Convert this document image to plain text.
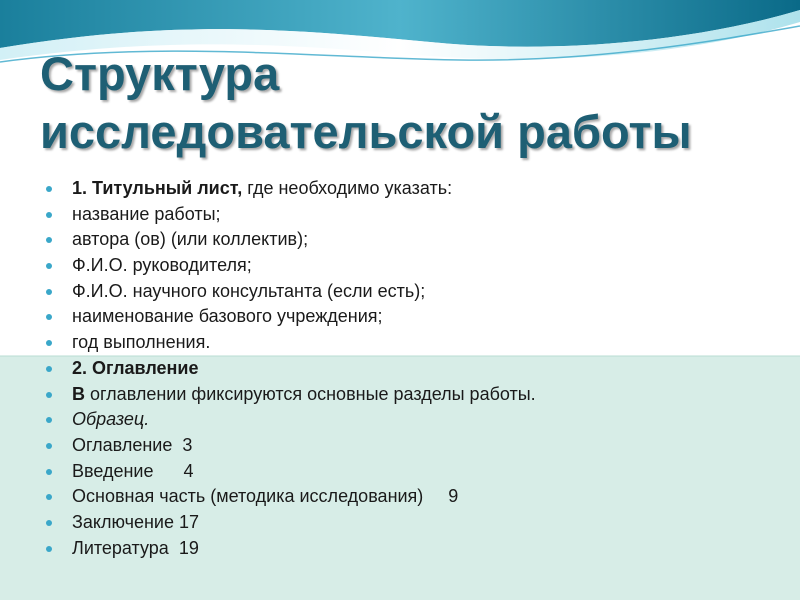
Структура
исследовательской работы
1. Титульный лист, где необходимо указать:
название работы;
автора (ов) (или коллектив);
Ф.И.О. руководителя;
Ф.И.О. научного консультанта (если есть);
наименование базового учреждения;
год выполнения.
2. Оглавление
В оглавлении фиксируются основные разделы работы.
Образец.
Оглавление  3
Введение      4
Основная часть (методика исследования)     9
Заключение 17
Литература  19
